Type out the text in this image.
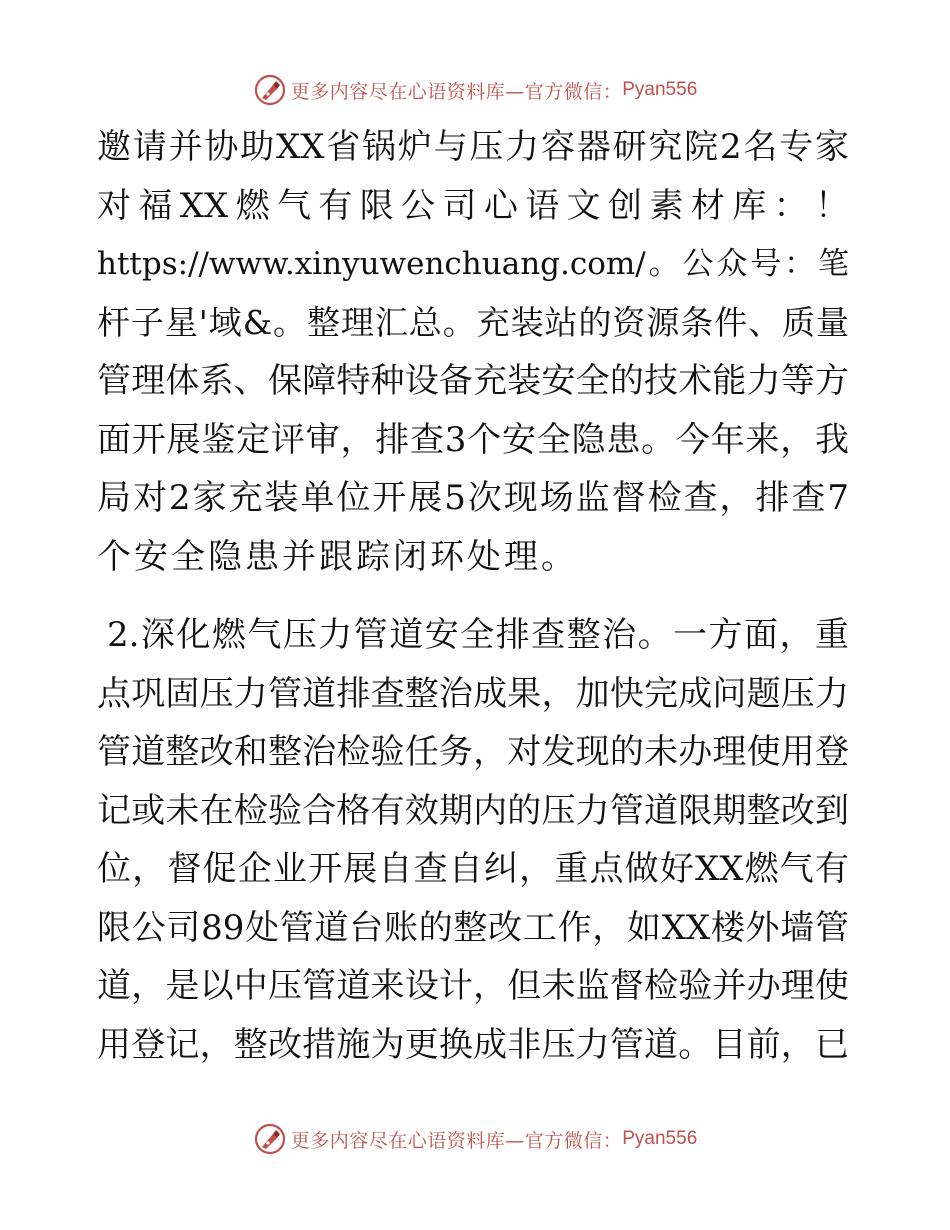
更多内容尽在心语资料库—官方微信： Pyan556
邀请并协助XX省锅炉与压力容器研究院2名专家
对福XX燃气有限公司心语文创素材库：！
https://www.xinyuwenchuang.com/。公众号：笔
杆子星'域&。整理汇总。充装站的资源条件、质量
管理体系、保障特种设备充装安全的技术能力等方
面开展鉴定评审，排查3个安全隐患。今年来，我
局对2家充装单位开展5次现场监督检查，排查7
个安全隐患并跟踪闭环处理。
2.深化燃气压力管道安全排查整治。一方面，重
点巩固压力管道排查整治成果，加快完成问题压力
管道整改和整治检验任务，对发现的未办理使用登
记或未在检验合格有效期内的压力管道限期整改到
位，督促企业开展自查自纠，重点做好XX燃气有
限公司89处管道台账的整改工作，如XX楼外墙管
道，是以中压管道来设计，但未监督检验并办理使
用登记，整改措施为更换成非压力管道。目前，已
更多内容尽在心语资料库—官方微信： Pyan556
